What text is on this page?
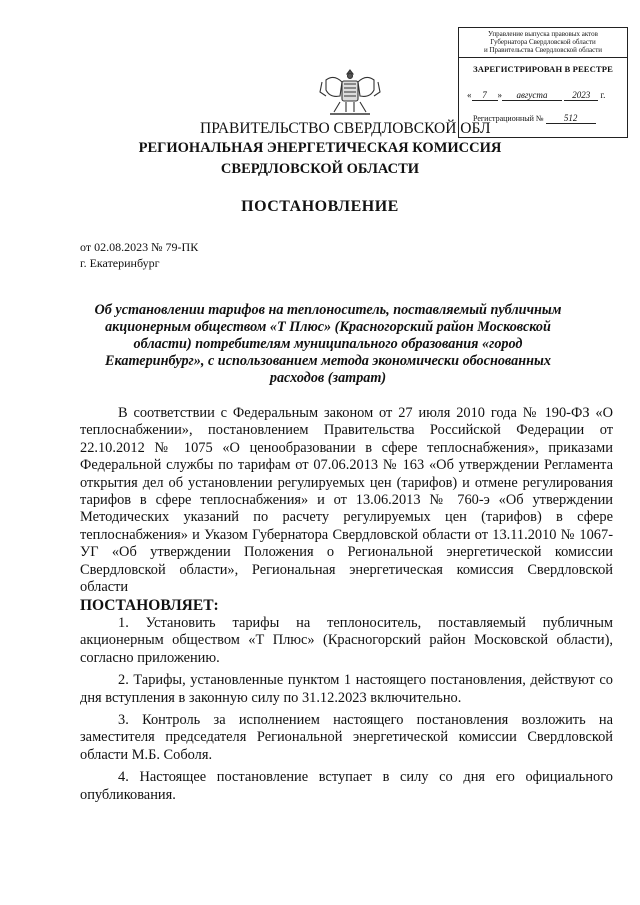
Управление выпуска правовых актов
Губернатора Свердловской области
и Правительства Свердловской области
ЗАРЕГИСТРИРОВАН В РЕЕСТРЕ
« 7 » августа	2023 г.
Регистрационный № 512
ПРАВИТЕЛЬСТВО СВЕРДЛОВСКОЙ ОБЛ
РЕГИОНАЛЬНАЯ ЭНЕРГЕТИЧЕСКАЯ КОМИССИЯ
СВЕРДЛОВСКОЙ ОБЛАСТИ
ПОСТАНОВЛЕНИЕ
от 02.08.2023 № 79-ПК
г. Екатеринбург
Об установлении тарифов на теплоноситель, поставляемый публичным акционерным обществом «Т Плюс» (Красногорский район Московской области) потребителям муниципального образования «город Екатеринбург», с использованием метода экономически обоснованных расходов (затрат)

В соответствии с Федеральным законом от 27 июля 2010 года № 190-ФЗ «О теплоснабжении», постановлением Правительства Российской Федерации от 22.10.2012 № 1075 «О ценообразовании в сфере теплоснабжения», приказами Федеральной службы по тарифам от 07.06.2013 № 163 «Об утверждении Регламента открытия дел об установлении регулируемых цен (тарифов) и отмене регулирования тарифов в сфере теплоснабжения» и от 13.06.2013 № 760-э «Об утверждении Методических указаний по расчету регулируемых цен (тарифов) в сфере теплоснабжения» и Указом Губернатора Свердловской области от 13.11.2010 № 1067-УГ «Об утверждении Положения о Региональной энергетической комиссии Свердловской области», Региональная энергетическая комиссия Свердловской области

ПОСТАНОВЛЯЕТ:

1. Установить тарифы на теплоноситель, поставляемый публичным акционерным обществом «Т Плюс» (Красногорский район Московской области), согласно приложению.

2. Тарифы, установленные пунктом 1 настоящего постановления, действуют со дня вступления в законную силу по 31.12.2023 включительно.

3. Контроль за исполнением настоящего постановления возложить на заместителя председателя Региональной энергетической комиссии Свердловской области М.Б. Соболя.

4. Настоящее постановление вступает в силу со дня его официального опубликования.
